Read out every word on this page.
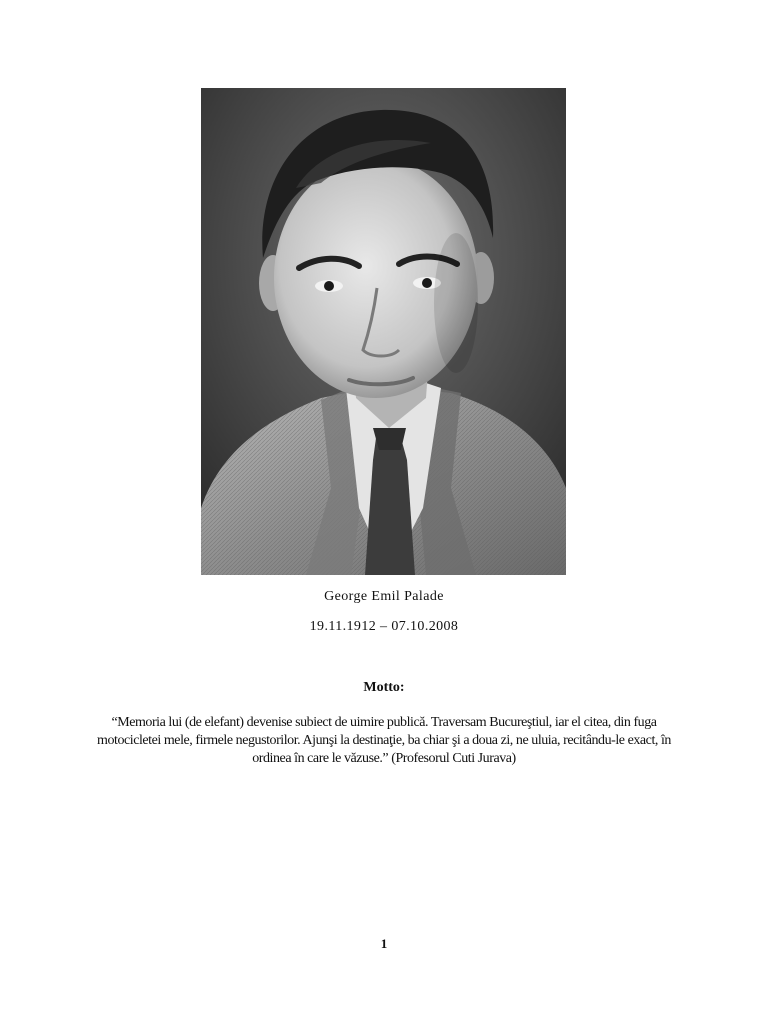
George Emil Palade
19.11.1912 – 07.10.2008
Motto:
“Memoria lui (de elefant) devenise subiect de uimire publică. Traversam Bucureştiul, iar el citea, din fuga motocicletei mele, firmele negustorilor. Ajunşi la destinaţie, ba chiar şi a doua zi, ne uluia, recitându-le exact, în ordinea în care le văzuse.” (Profesorul Cuti Jurava)
1
